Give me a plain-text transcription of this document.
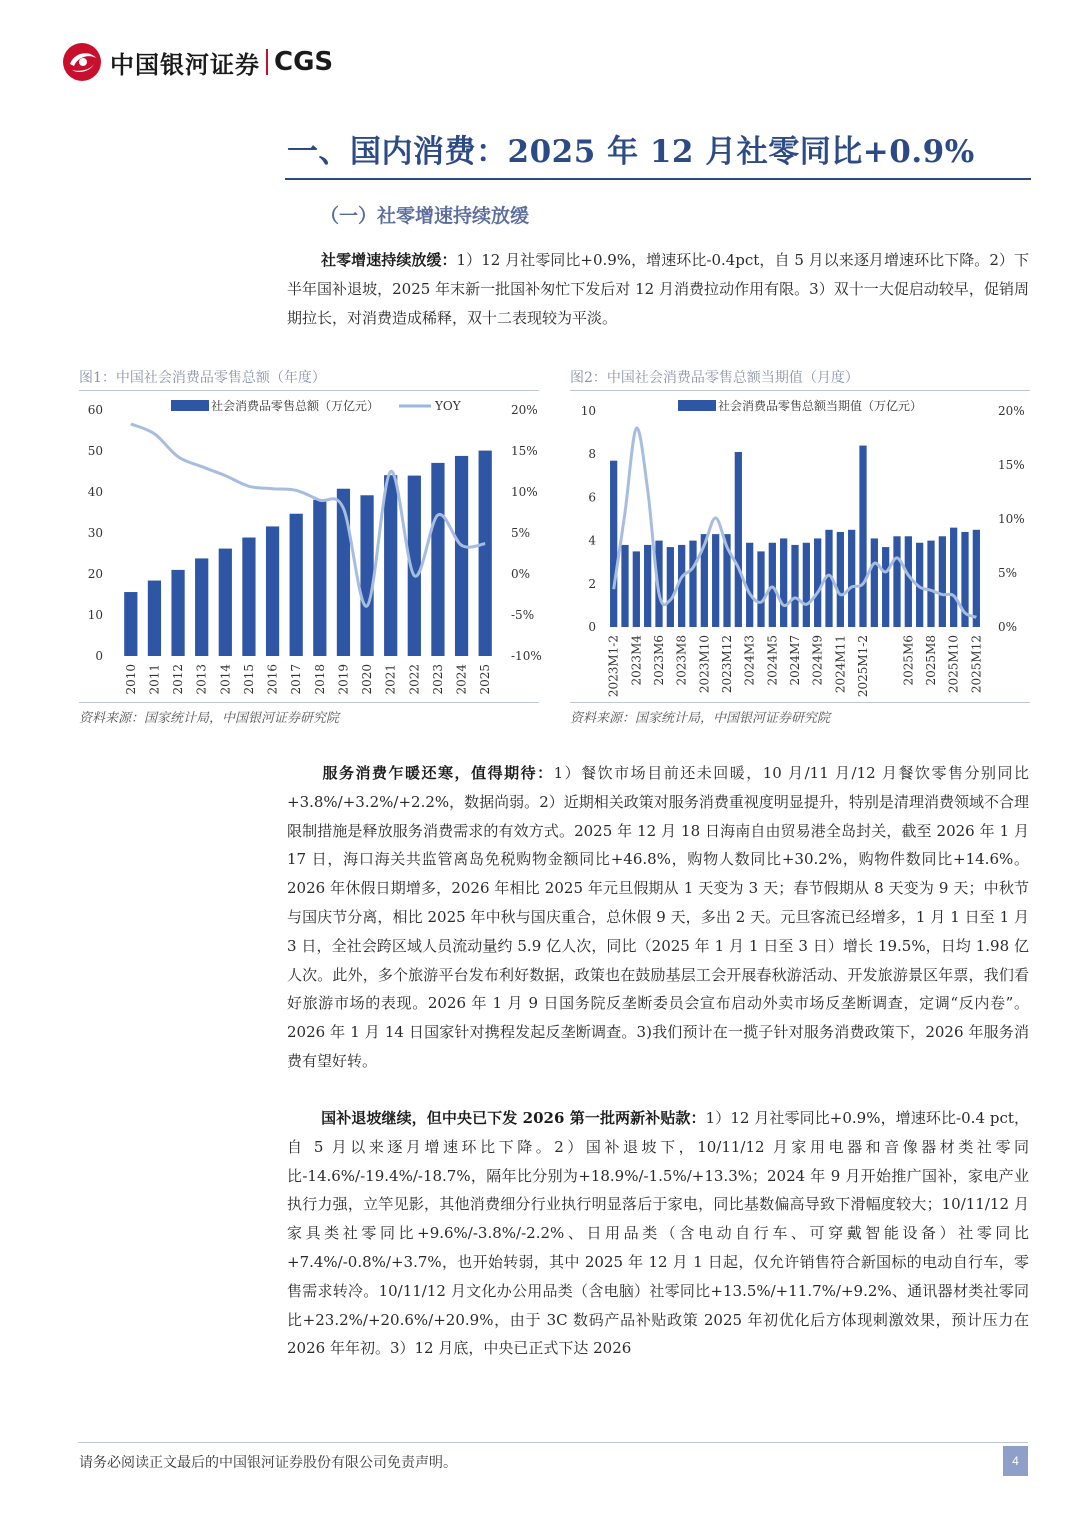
中国银河证券 CGS
一、国内消费：2025 年 12 月社零同比+0.9%
（一）社零增速持续放缓
社零增速持续放缓：1）12 月社零同比+0.9%，增速环比-0.4pct，自 5 月以来逐月增速环比下降。2）下半年国补退坡，2025 年末新一批国补匆忙下发后对 12 月消费拉动作用有限。3）双十一大促启动较早，促销周期拉长，对消费造成稀释，双十二表现较为平淡。
图1：中国社会消费品零售总额（年度）
社会消费品零售总额（万亿元）	YOY
60
50
40
30
20
10
0
20%
15%
10%
5%
0%
-5%
-10%
2010 2011 2012 2013 2014 2015 2016 2017 2018 2019 2020 2021 2022 2023 2024 2025
资料来源：国家统计局，中国银河证券研究院
图2：中国社会消费品零售总额当期值（月度）
社会消费品零售总额当期值（万亿元）
10
8
6
4
2
0
20%
15%
10%
5%
0%
2023M1-2 2023M4 2023M6 2023M8 2023M10 2023M12 2024M3 2024M5 2024M7 2024M9 2024M11 2025M1-2	2025M6 2025M8 2025M10 2025M12
资料来源：国家统计局，中国银河证券研究院
服务消费乍暖还寒，值得期待：1）餐饮市场目前还未回暖，10 月/11 月/12 月餐饮零售分别同比+3.8%/+3.2%/+2.2%，数据尚弱。2）近期相关政策对服务消费重视度明显提升，特别是清理消费领域不合理限制措施是释放服务消费需求的有效方式。2025 年 12 月 18 日海南自由贸易港全岛封关，截至 2026 年 1 月 17 日，海口海关共监管离岛免税购物金额同比+46.8%，购物人数同比+30.2%，购物件数同比+14.6%。2026 年休假日期增多，2026 年相比 2025 年元旦假期从 1 天变为 3 天；春节假期从 8 天变为 9 天；中秋节与国庆节分离，相比 2025 年中秋与国庆重合，总休假 9 天，多出 2 天。元旦客流已经增多，1 月 1 日至 1 月 3 日，全社会跨区域人员流动量约 5.9 亿人次，同比（2025 年 1 月 1 日至 3 日）增长 19.5%，日均 1.98 亿人次。此外，多个旅游平台发布利好数据，政策也在鼓励基层工会开展春秋游活动、开发旅游景区年票，我们看好旅游市场的表现。2026 年 1 月 9 日国务院反垄断委员会宣布启动外卖市场反垄断调查，定调“反内卷”。2026 年 1 月 14 日国家针对携程发起反垄断调查。3)我们预计在一揽子针对服务消费政策下，2026 年服务消费有望好转。
国补退坡继续，但中央已下发 2026 第一批两新补贴款：1）12 月社零同比+0.9%，增速环比-0.4 pct，自 5 月以来逐月增速环比下降。2）国补退坡下，10/11/12 月家用电器和音像器材类社零同比-14.6%/-19.4%/-18.7%，隔年比分别为+18.9%/-1.5%/+13.3%；2024 年 9 月开始推广国补，家电产业执行力强，立竿见影，其他消费细分行业执行明显落后于家电，同比基数偏高导致下滑幅度较大；10/11/12 月家具类社零同比+9.6%/-3.8%/-2.2%、日用品类（含电动自行车、可穿戴智能设备）社零同比+7.4%/-0.8%/+3.7%，也开始转弱，其中 2025 年 12 月 1 日起，仅允许销售符合新国标的电动自行车，零售需求转冷。10/11/12 月文化办公用品类（含电脑）社零同比+13.5%/+11.7%/+9.2%、通讯器材类社零同比+23.2%/+20.6%/+20.9%，由于 3C 数码产品补贴政策 2025 年初优化后方体现刺激效果，预计压力在 2026 年年初。3）12 月底，中央已正式下达 2026
请务必阅读正文最后的中国银河证券股份有限公司免责声明。	4
